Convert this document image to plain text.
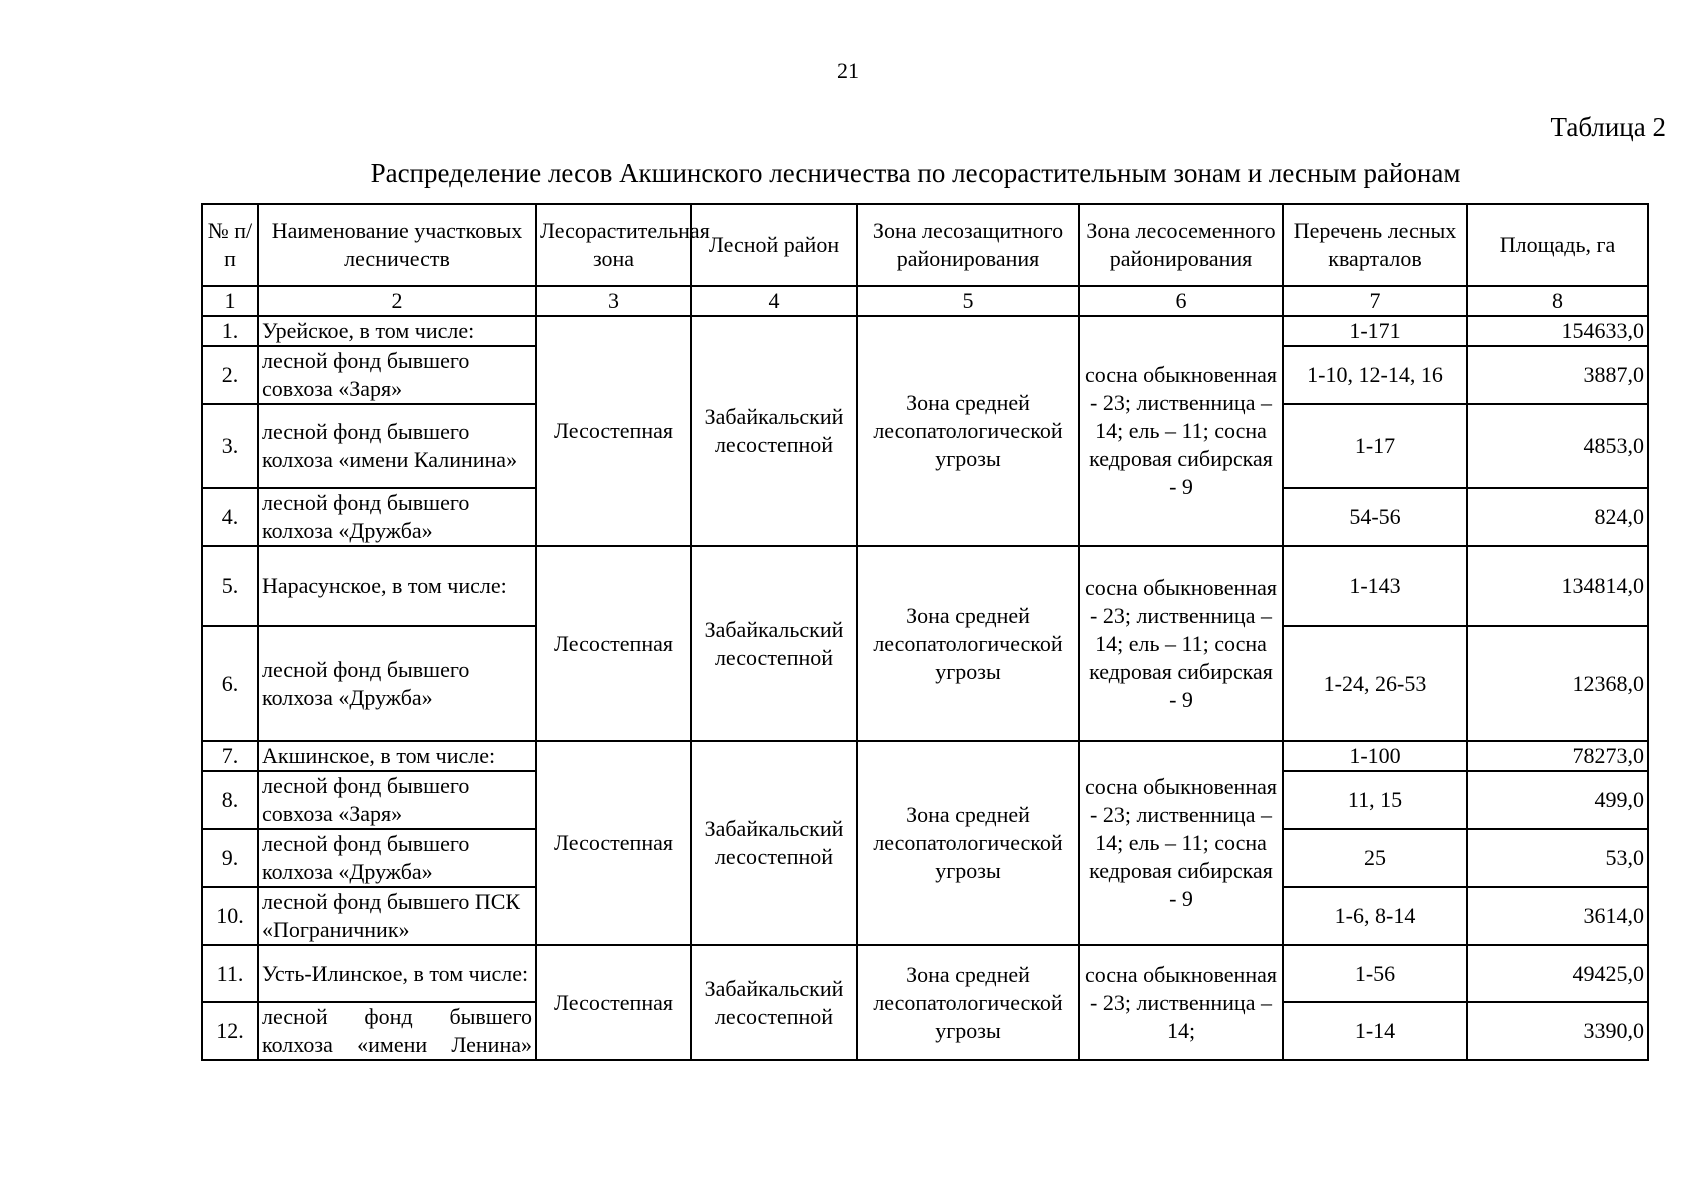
21
Таблица 2
Распределение лесов Акшинского лесничества по лесорастительным зонам и лесным районам
№ п/п	Наименование участковых лесничеств	Лесорастительная зона	Лесной район	Зона лесозащитного районирования	Зона лесосеменного районирования	Перечень лесных кварталов	Площадь, га
1	2	3	4	5	6	7	8
1.	Урейское, в том числе:	Лесостепная	Забайкальский лесостепной	Зона средней лесопатологической угрозы	сосна обыкновенная - 23; лиственница – 14; ель – 11; сосна кедровая сибирская - 9	1-171	154633,0
2.	лесной фонд бывшего совхоза «Заря»					1-10, 12-14, 16	3887,0
3.	лесной фонд бывшего колхоза «имени Калинина»					1-17	4853,0
4.	лесной фонд бывшего колхоза «Дружба»					54-56	824,0
5.	Нарасунское, в том числе:	Лесостепная	Забайкальский лесостепной	Зона средней лесопатологической угрозы	сосна обыкновенная - 23; лиственница – 14; ель – 11; сосна кедровая сибирская - 9	1-143	134814,0
6.	лесной фонд бывшего колхоза «Дружба»					1-24, 26-53	12368,0
7.	Акшинское, в том числе:	Лесостепная	Забайкальский лесостепной	Зона средней лесопатологической угрозы	сосна обыкновенная - 23; лиственница – 14; ель – 11; сосна кедровая сибирская - 9	1-100	78273,0
8.	лесной фонд бывшего совхоза «Заря»					11, 15	499,0
9.	лесной фонд бывшего колхоза «Дружба»					25	53,0
10.	лесной фонд бывшего ПСК «Пограничник»					1-6, 8-14	3614,0
11.	Усть-Илинское, в том числе:	Лесостепная	Забайкальский лесостепной	Зона средней лесопатологической угрозы	сосна обыкновенная - 23; лиственница – 14;	1-56	49425,0
12.	лесной фонд бывшего колхоза «имени Ленина»					1-14	3390,0
